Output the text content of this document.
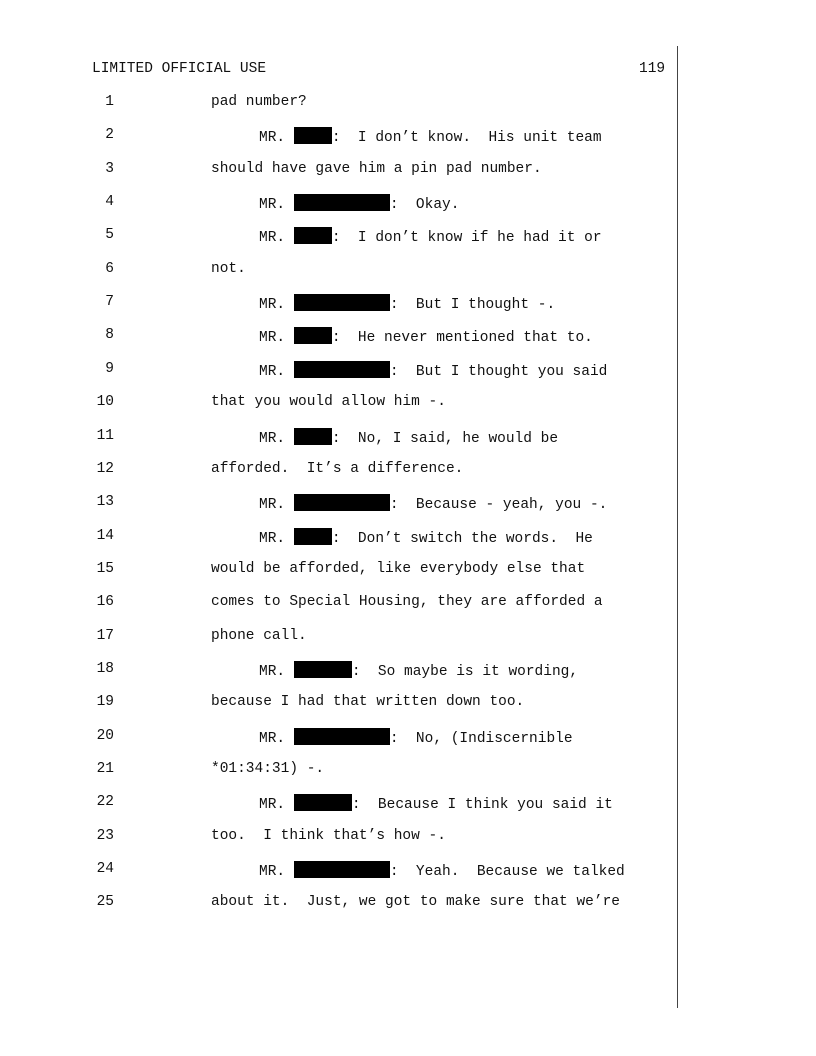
LIMITED OFFICIAL USE	119
1	pad number?
2	MR.	:  I don’t know.  His unit team
3	should have gave him a pin pad number.
4	MR.	:  Okay.
5	MR.	:  I don’t know if he had it or
6	not.
7	MR.	:  But I thought -.
8	MR.	:  He never mentioned that to.
9	MR.	:  But I thought you said
10	that you would allow him -.
11	MR.	:  No, I said, he would be
12	afforded.  It’s a difference.
13	MR.	:  Because - yeah, you -.
14	MR.	:  Don’t switch the words.  He
15	would be afforded, like everybody else that
16	comes to Special Housing, they are afforded a
17	phone call.
18	MR.	:  So maybe is it wording,
19	because I had that written down too.
20	MR.	:  No, (Indiscernible
21	*01:34:31) -.
22	MR.	:  Because I think you said it
23	too.  I think that’s how -.
24	MR.	:  Yeah.  Because we talked
25	about it.  Just, we got to make sure that we’re
